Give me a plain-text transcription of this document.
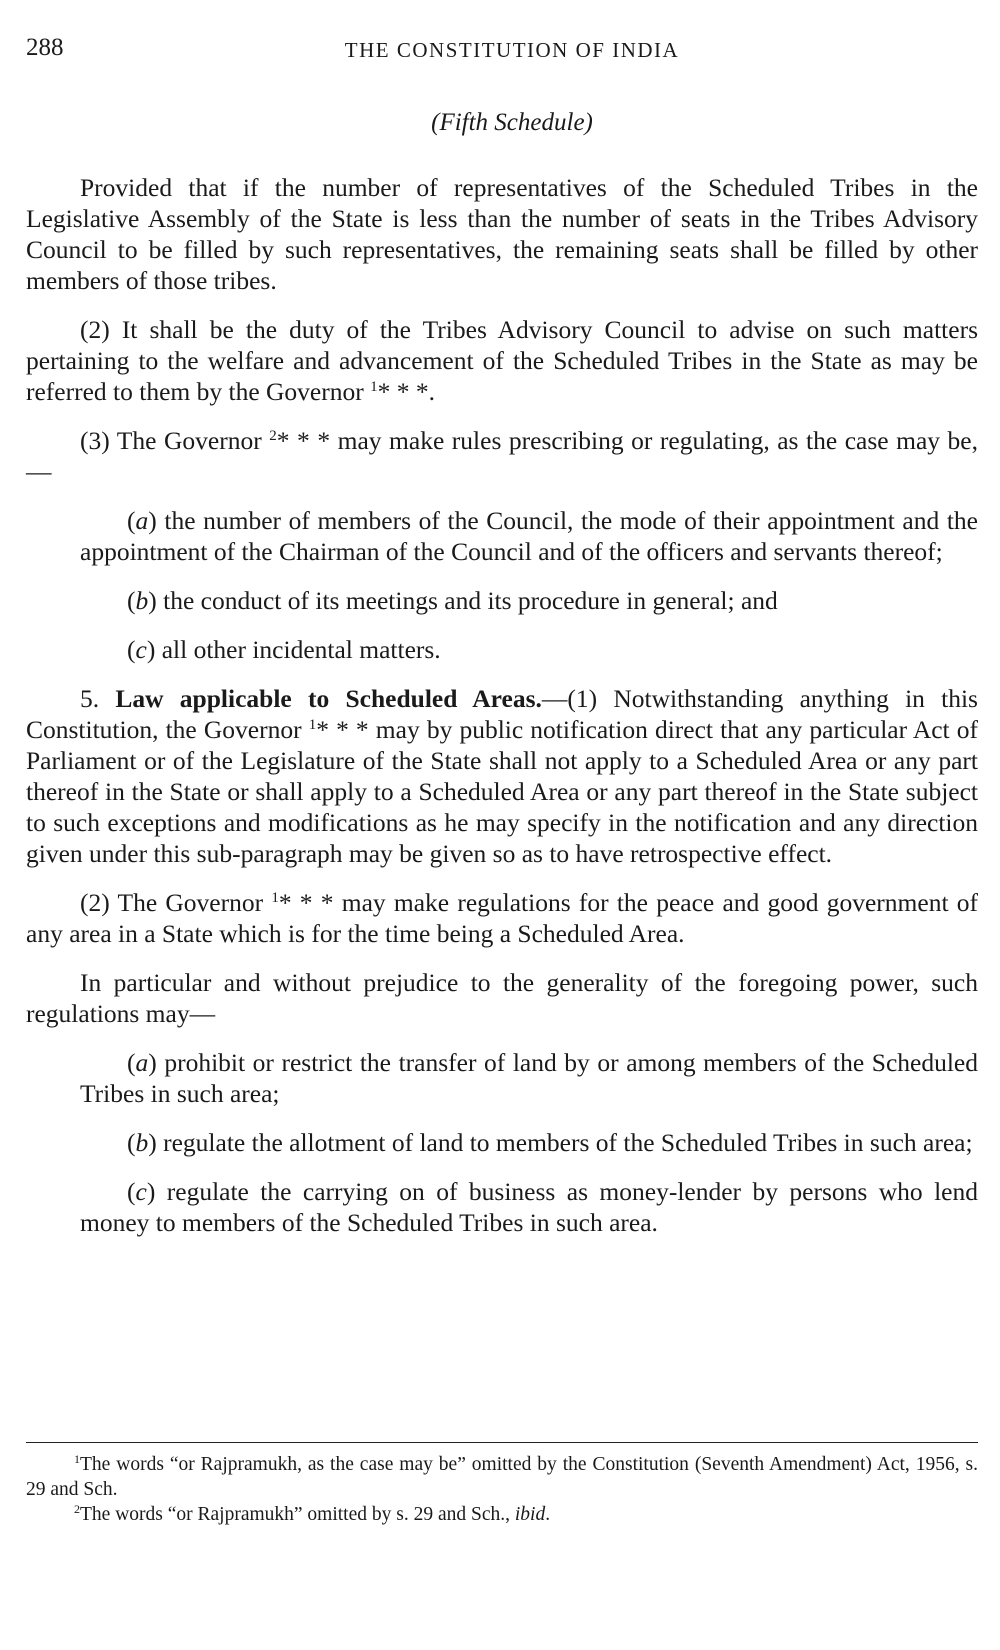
288	THE CONSTITUTION OF INDIA
(Fifth Schedule)

Provided that if the number of representatives of the Scheduled Tribes in the Legislative Assembly of the State is less than the number of seats in the Tribes Advisory Council to be filled by such representatives, the remaining seats shall be filled by other members of those tribes.

(2) It shall be the duty of the Tribes Advisory Council to advise on such matters pertaining to the welfare and advancement of the Scheduled Tribes in the State as may be referred to them by the Governor $^1$* * *.

(3) The Governor $^2$* * * may make rules prescribing or regulating, as the case may be,—

(a) the number of members of the Council, the mode of their appointment and the appointment of the Chairman of the Council and of the officers and servants thereof;

(b) the conduct of its meetings and its procedure in general; and

(c) all other incidental matters.

5. Law applicable to Scheduled Areas.—(1) Notwithstanding anything in this Constitution, the Governor $^1$* * * may by public notification direct that any particular Act of Parliament or of the Legislature of the State shall not apply to a Scheduled Area or any part thereof in the State or shall apply to a Scheduled Area or any part thereof in the State subject to such exceptions and modifications as he may specify in the notification and any direction given under this sub-paragraph may be given so as to have retrospective effect.

(2) The Governor $^1$* * * may make regulations for the peace and good government of any area in a State which is for the time being a Scheduled Area.

In particular and without prejudice to the generality of the foregoing power, such regulations may—

(a) prohibit or restrict the transfer of land by or among members of the Scheduled Tribes in such area;

(b) regulate the allotment of land to members of the Scheduled Tribes in such area;

(c) regulate the carrying on of business as money-lender by persons who lend money to members of the Scheduled Tribes in such area.

$^1$The words “or Rajpramukh, as the case may be” omitted by the Constitution (Seventh Amendment) Act, 1956, s. 29 and Sch.

$^2$The words “or Rajpramukh” omitted by s. 29 and Sch., ibid.
